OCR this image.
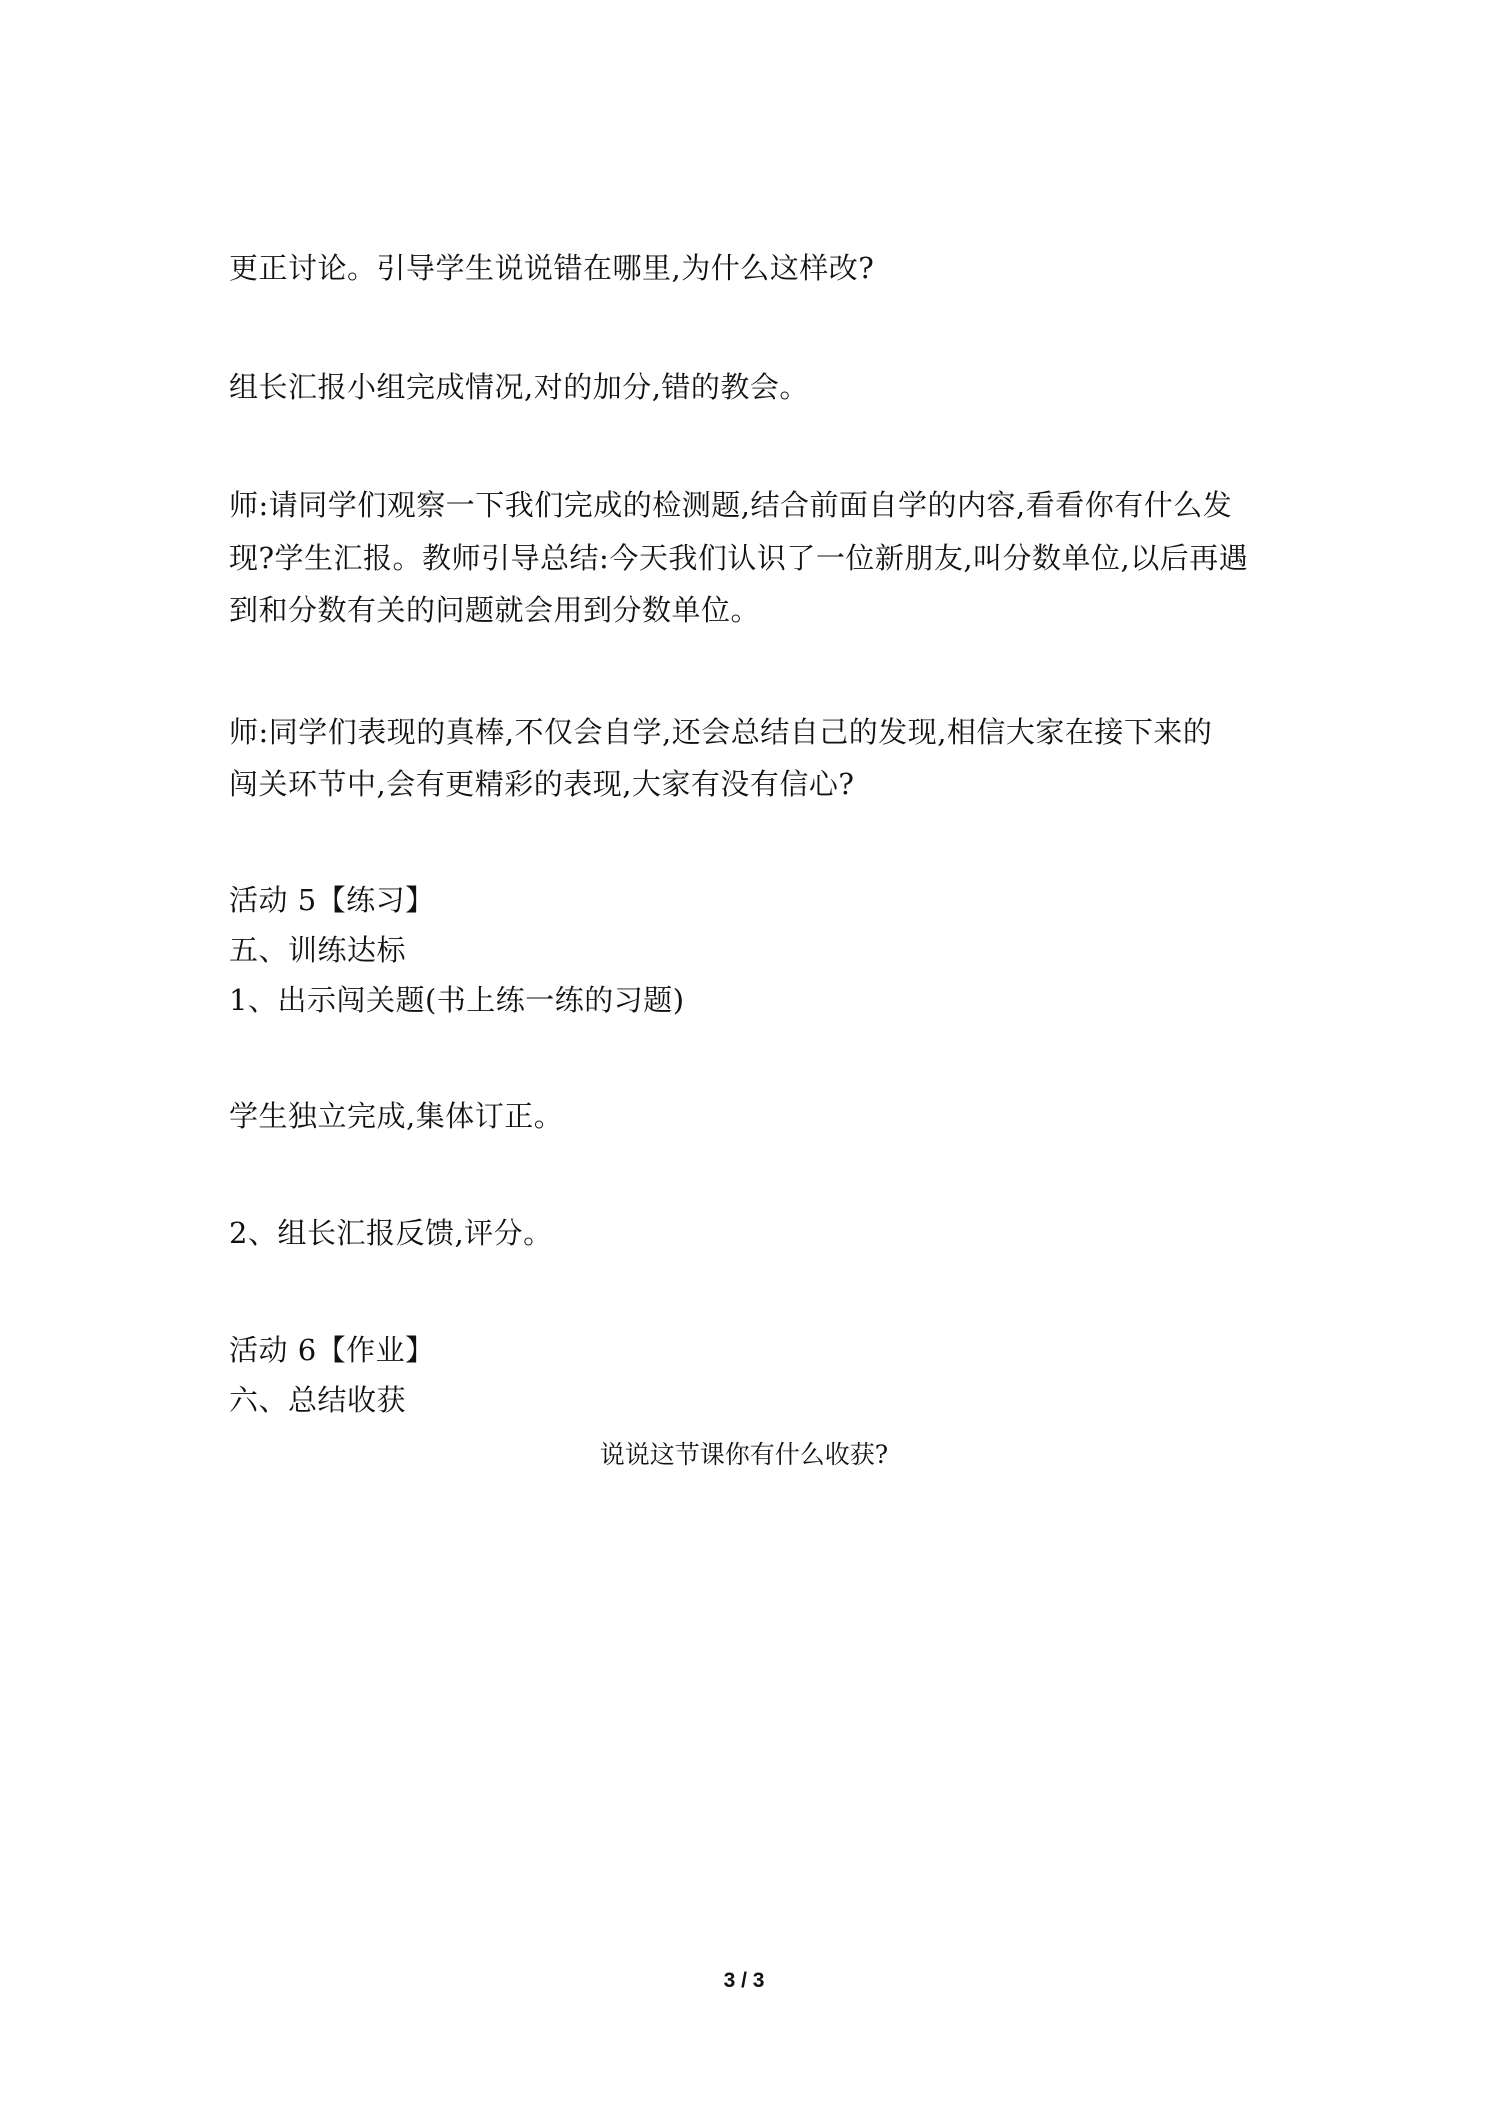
更正讨论。引导学生说说错在哪里,为什么这样改?
组长汇报小组完成情况,对的加分,错的教会。
师:请同学们观察一下我们完成的检测题,结合前面自学的内容,看看你有什么发
现?学生汇报。教师引导总结:今天我们认识了一位新朋友,叫分数单位,以后再遇
到和分数有关的问题就会用到分数单位。
师:同学们表现的真棒,不仅会自学,还会总结自己的发现,相信大家在接下来的
闯关环节中,会有更精彩的表现,大家有没有信心?
活动 5【练习】
五、训练达标
1、出示闯关题(书上练一练的习题)
学生独立完成,集体订正。
2、组长汇报反馈,评分。
活动 6【作业】
六、总结收获
说说这节课你有什么收获?
3 / 3
